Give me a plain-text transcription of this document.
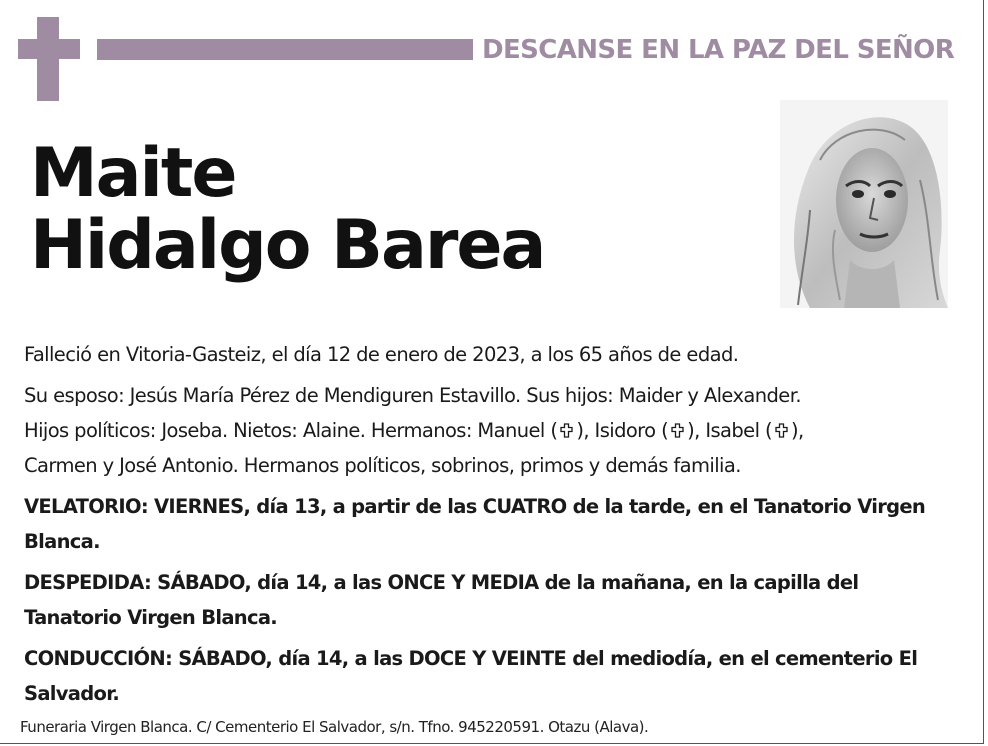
DESCANSE EN LA PAZ DEL SEÑOR
Maite
Hidalgo Barea

Falleció en Vitoria-Gasteiz, el día 12 de enero de 2023, a los 65 años de edad.

Su esposo: Jesús María Pérez de Mendiguren Estavillo. Sus hijos: Maider y Alexander.
Hijos políticos: Joseba. Nietos: Alaine. Hermanos: Manuel ( ), Isidoro ( ), Isabel ( ),
Carmen y José Antonio. Hermanos políticos, sobrinos, primos y demás familia.

VELATORIO: VIERNES, día 13, a partir de las CUATRO de la tarde, en el Tanatorio Virgen Blanca.

DESPEDIDA: SÁBADO, día 14, a las ONCE Y MEDIA de la mañana, en la capilla del Tanatorio Virgen Blanca.

CONDUCCIÓN: SÁBADO, día 14, a las DOCE Y VEINTE del mediodía, en el cementerio El Salvador.

Funeraria Virgen Blanca. C/ Cementerio El Salvador, s/n. Tfno. 945220591. Otazu (Alava).
